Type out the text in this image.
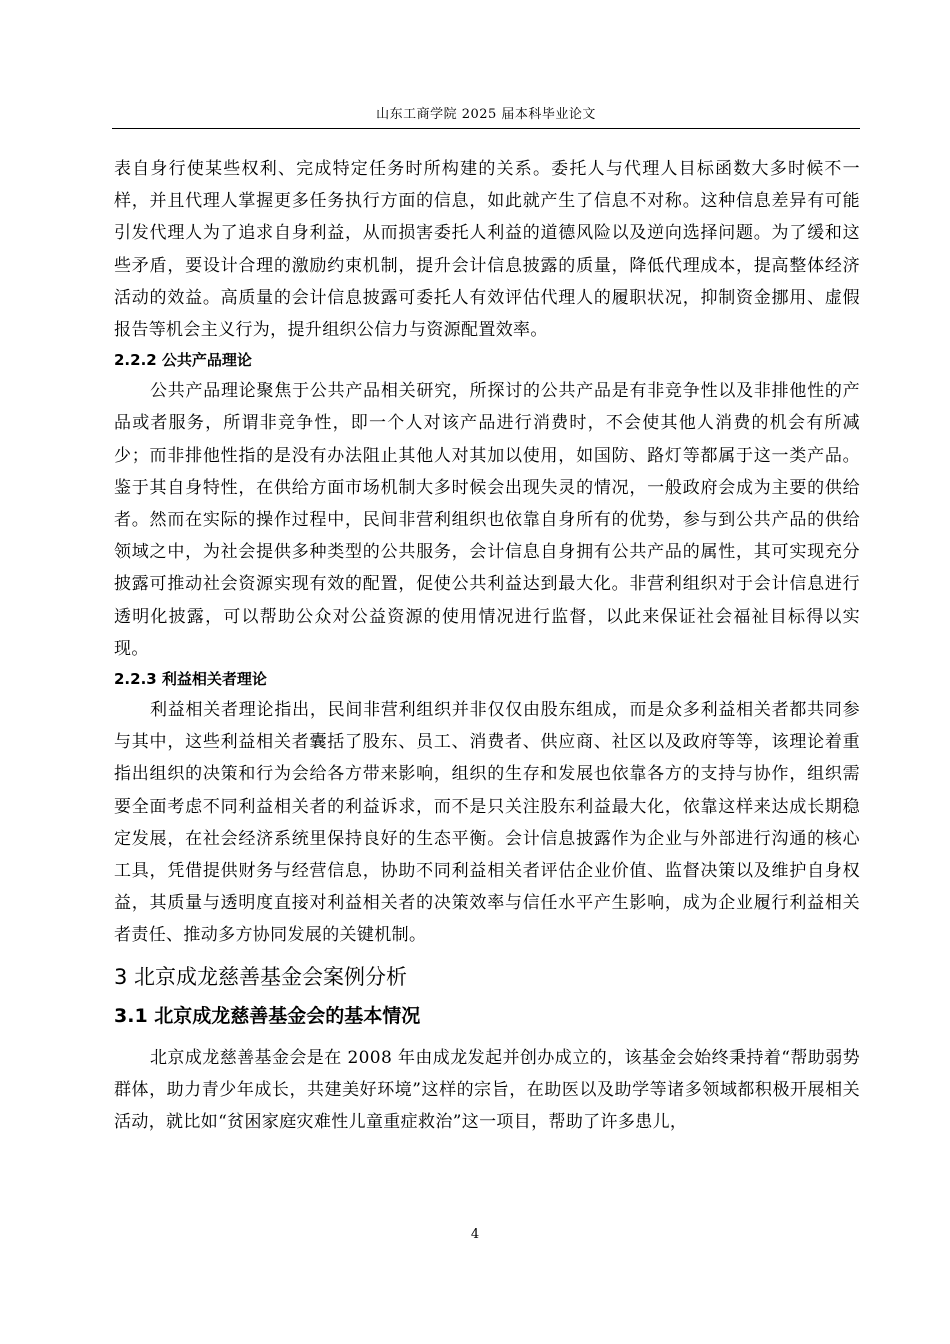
山东工商学院 2025 届本科毕业论文

表自身行使某些权利、完成特定任务时所构建的关系。委托人与代理人目标函数大多时候不一样，并且代理人掌握更多任务执行方面的信息，如此就产生了信息不对称。这种信息差异有可能引发代理人为了追求自身利益，从而损害委托人利益的道德风险以及逆向选择问题。为了缓和这些矛盾，要设计合理的激励约束机制，提升会计信息披露的质量，降低代理成本，提高整体经济活动的效益。高质量的会计信息披露可委托人有效评估代理人的履职状况，抑制资金挪用、虚假报告等机会主义行为，提升组织公信力与资源配置效率。

2.2.2 公共产品理论

公共产品理论聚焦于公共产品相关研究，所探讨的公共产品是有非竞争性以及非排他性的产品或者服务，所谓非竞争性，即一个人对该产品进行消费时，不会使其他人消费的机会有所减少；而非排他性指的是没有办法阻止其他人对其加以使用，如国防、路灯等都属于这一类产品。鉴于其自身特性，在供给方面市场机制大多时候会出现失灵的情况，一般政府会成为主要的供给者。然而在实际的操作过程中，民间非营利组织也依靠自身所有的优势，参与到公共产品的供给领域之中，为社会提供多种类型的公共服务，会计信息自身拥有公共产品的属性，其可实现充分披露可推动社会资源实现有效的配置，促使公共利益达到最大化。非营利组织对于会计信息进行透明化披露，可以帮助公众对公益资源的使用情况进行监督，以此来保证社会福祉目标得以实现。

2.2.3 利益相关者理论

利益相关者理论指出，民间非营利组织并非仅仅由股东组成，而是众多利益相关者都共同参与其中，这些利益相关者囊括了股东、员工、消费者、供应商、社区以及政府等等，该理论着重指出组织的决策和行为会给各方带来影响，组织的生存和发展也依靠各方的支持与协作，组织需要全面考虑不同利益相关者的利益诉求，而不是只关注股东利益最大化，依靠这样来达成长期稳定发展，在社会经济系统里保持良好的生态平衡。会计信息披露作为企业与外部进行沟通的核心工具，凭借提供财务与经营信息，协助不同利益相关者评估企业价值、监督决策以及维护自身权益，其质量与透明度直接对利益相关者的决策效率与信任水平产生影响，成为企业履行利益相关者责任、推动多方协同发展的关键机制。

3 北京成龙慈善基金会案例分析
3.1 北京成龙慈善基金会的基本情况

北京成龙慈善基金会是在 2008 年由成龙发起并创办成立的，该基金会始终秉持着“帮助弱势群体，助力青少年成长，共建美好环境”这样的宗旨，在助医以及助学等诸多领域都积极开展相关活动，就比如“贫困家庭灾难性儿童重症救治”这一项目，帮助了许多患儿，

4
